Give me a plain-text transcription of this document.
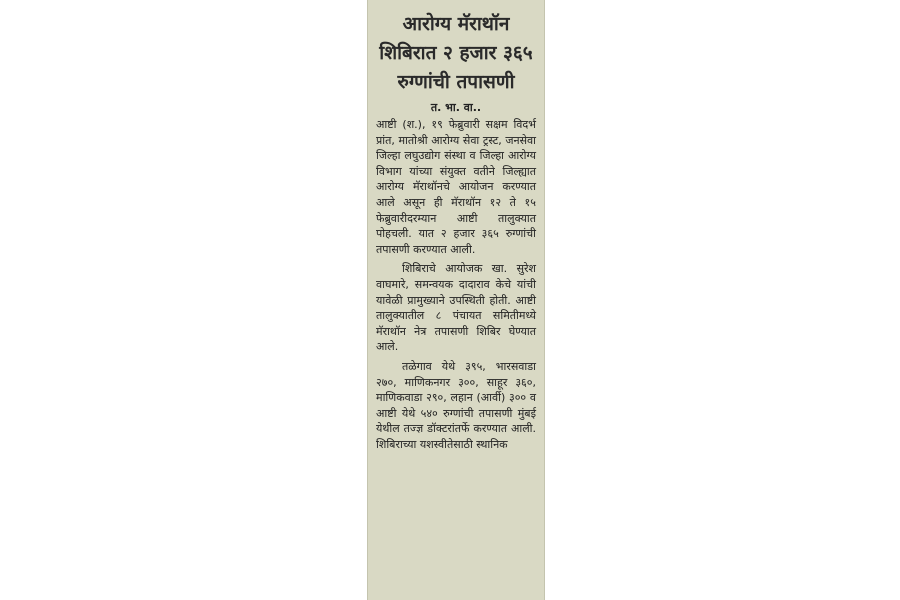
आरोग्य मॅराथॉन शिबिरात २ हजार ३६५ रुग्णांची तपासणी
त. भा. वा..

आष्टी (श.), १९ फेब्रुवारी सक्षम विदर्भ प्रांत, मातोश्री आरोग्य सेवा ट्रस्ट, जनसेवा जिल्हा लघुउद्योग संस्था व जिल्हा आरोग्य विभाग यांच्या संयुक्त वतीने जिल्ह्यात आरोग्य मॅराथॉनचे आयोजन करण्यात आले असून ही मॅराथॉन १२ ते १५ फेब्रुवारीदरम्यान आष्टी तालुक्यात पोहचली. यात २ हजार ३६५ रुग्णांची तपासणी करण्यात आली.

शिबिराचे आयोजक खा. सुरेश वाघमारे, समन्वयक दादाराव केचे यांची यावेळी प्रामुख्याने उपस्थिती होती. आष्टी तालुक्यातील ८ पंचायत समितीमध्ये मॅराथॉन नेत्र तपासणी शिबिर घेण्यात आले.

तळेगाव येथे ३९५, भारसवाडा २७०, माणिकनगर ३००, साहूर ३६०, माणिकवाडा २९०, लहान (आर्वी) ३०० व आष्टी येथे ५४० रुग्णांची तपासणी मुंबई येथील तज्ज्ञ डॉक्टरांतर्फे करण्यात आली. शिबिराच्या यशस्वीतेसाठी स्थानिक
